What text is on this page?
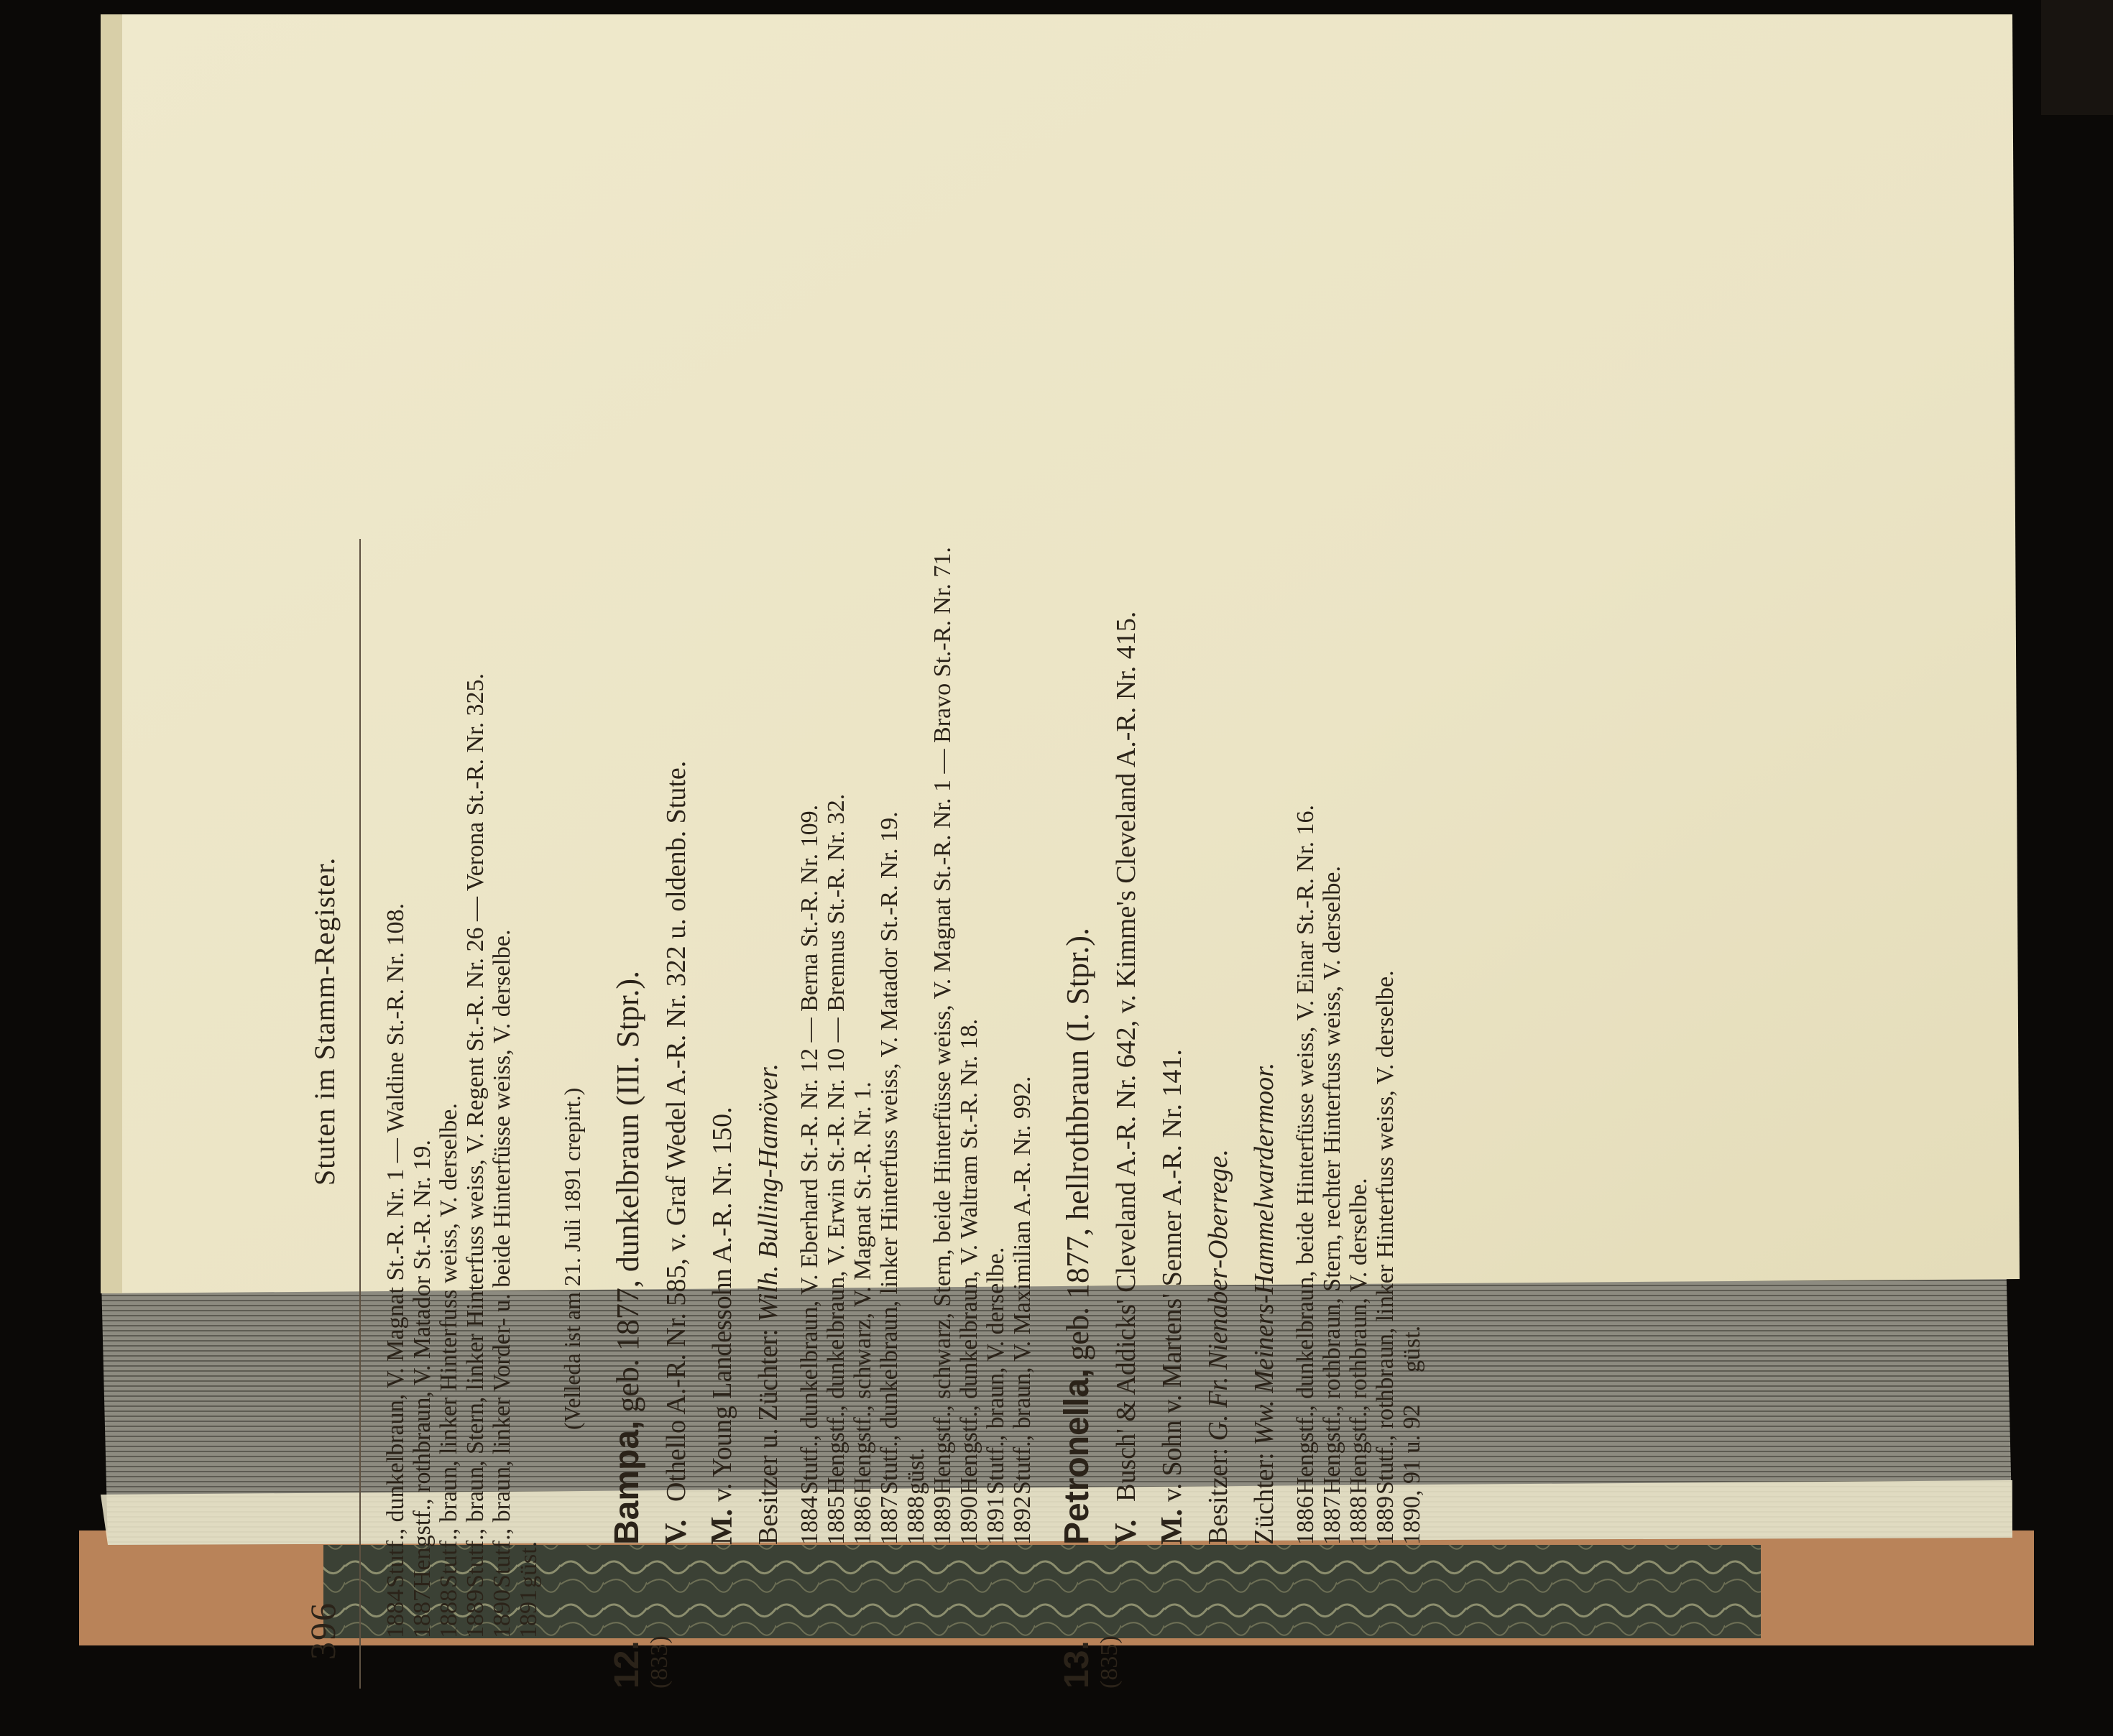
396
Stuten im Stamm-Register.
1884
Stutf., dunkelbraun, V. Magnat St.-R. Nr. 1 — Waldine St.-R. Nr. 108.
1887
Hengstf., rothbraun, V. Matador St.-R. Nr. 19.
1888
Stutf., braun, linker Hinterfuss weiss, V. derselbe.
1889
Stutf., braun, Stern, linker Hinterfuss weiss, V. Regent St.-R. Nr. 26 — Verona St.-R. Nr. 325.
1890
Stutf., braun, linker Vorder- u. beide Hinterfüsse weiss, V. derselbe.
1891
güst.
(Velleda ist am 21. Juli 1891 crepirt.)
12. (833)
Bampa, geb. 1877, dunkelbraun (III. Stpr.).
V.
Othello A.-R. Nr. 585, v. Graf Wedel A.-R. Nr. 322 u. oldenb. Stute.
M.
v. Young Landessohn A.-R. Nr. 150. Besitzer u. Züchter: Wilh. Bulling-Hamöver.
1884
Stutf., dunkelbraun, V. Eberhard St.-R. Nr. 12 — Berna St.-R. Nr. 109.
1885
Hengstf., dunkelbraun, V. Erwin St.-R. Nr. 10 — Brennus St.-R. Nr. 32.
1886
Hengstf., schwarz, V. Magnat St.-R. Nr. 1.
1887
Stutf., dunkelbraun, linker Hinterfuss weiss, V. Matador St.-R. Nr. 19.
1888
güst.
1889
Hengstf., schwarz, Stern, beide Hinterfüsse weiss, V. Magnat St.-R. Nr. 1 — Bravo St.-R. Nr. 71.
1890
Hengstf., dunkelbraun, V. Waltram St.-R. Nr. 18.
1891
Stutf., braun, V. derselbe.
1892
Stutf., braun, V. Maximilian A.-R. Nr. 992.
13. (835)
Petronella, geb. 1877, hellrothbraun (I. Stpr.).
V.
Busch' & Addicks' Cleveland A.-R. Nr. 642, v. Kimme's Cleveland A.-R. Nr. 415.
M.
v. Sohn v. Martens' Senner A.-R. Nr. 141. Besitzer: G. Fr. Nienaber-Oberrege.
Züchter: Ww. Meiners-Hammelwardermoor.
1886
Hengstf., dunkelbraun, beide Hinterfüsse weiss, V. Einar St.-R. Nr. 16.
1887
Hengstf., rothbraun, Stern, rechter Hinterfuss weiss, V. derselbe.
1888
Hengstf., rothbraun, V. derselbe.
1889
Stutf., rothbraun, linker Hinterfuss weiss, V. derselbe. 1890, 91 u. 92
güst.
